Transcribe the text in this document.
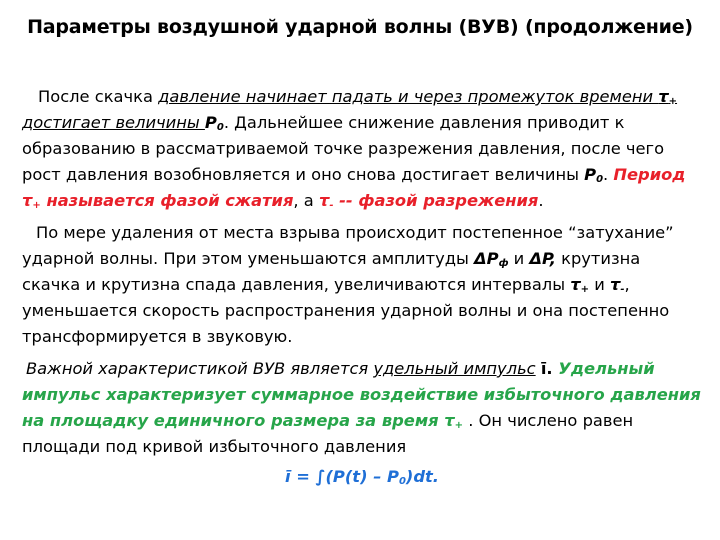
Параметры воздушной ударной волны (ВУВ) (продолжение)

После скачка давление начинает падать и через промежуток времени $\tau_+$ достигает величины $P_0$. Дальнейшее снижение давления приводит к образованию в рассматриваемой точке разрежения давления, после чего рост давления возобновляется и оно снова достигает величины $P_0$. Период $\tau_+$ называется фазой сжатия, а $\tau_-$ -- фазой разрежения.

По мере удаления от места взрыва происходит постепенное “затухание” ударной волны. При этом уменьшаются амплитуды $\Delta P_ф$ и ΔP, крутизна скачка и крутизна спада давления, увеличиваются интервалы $\tau_+$ и $\tau_-$, уменьшается скорость распространения ударной волны и она постепенно трансформируется в звуковую.

Важной характеристикой ВУВ является удельный импульс ī. Удельный импульс характеризует суммарное воздействие избыточного давления на площадку единичного размера за время $\tau_+$ . Он числено равен площади под кривой избыточного давления
ī = $\int(P(t) - P_0)dt$.
